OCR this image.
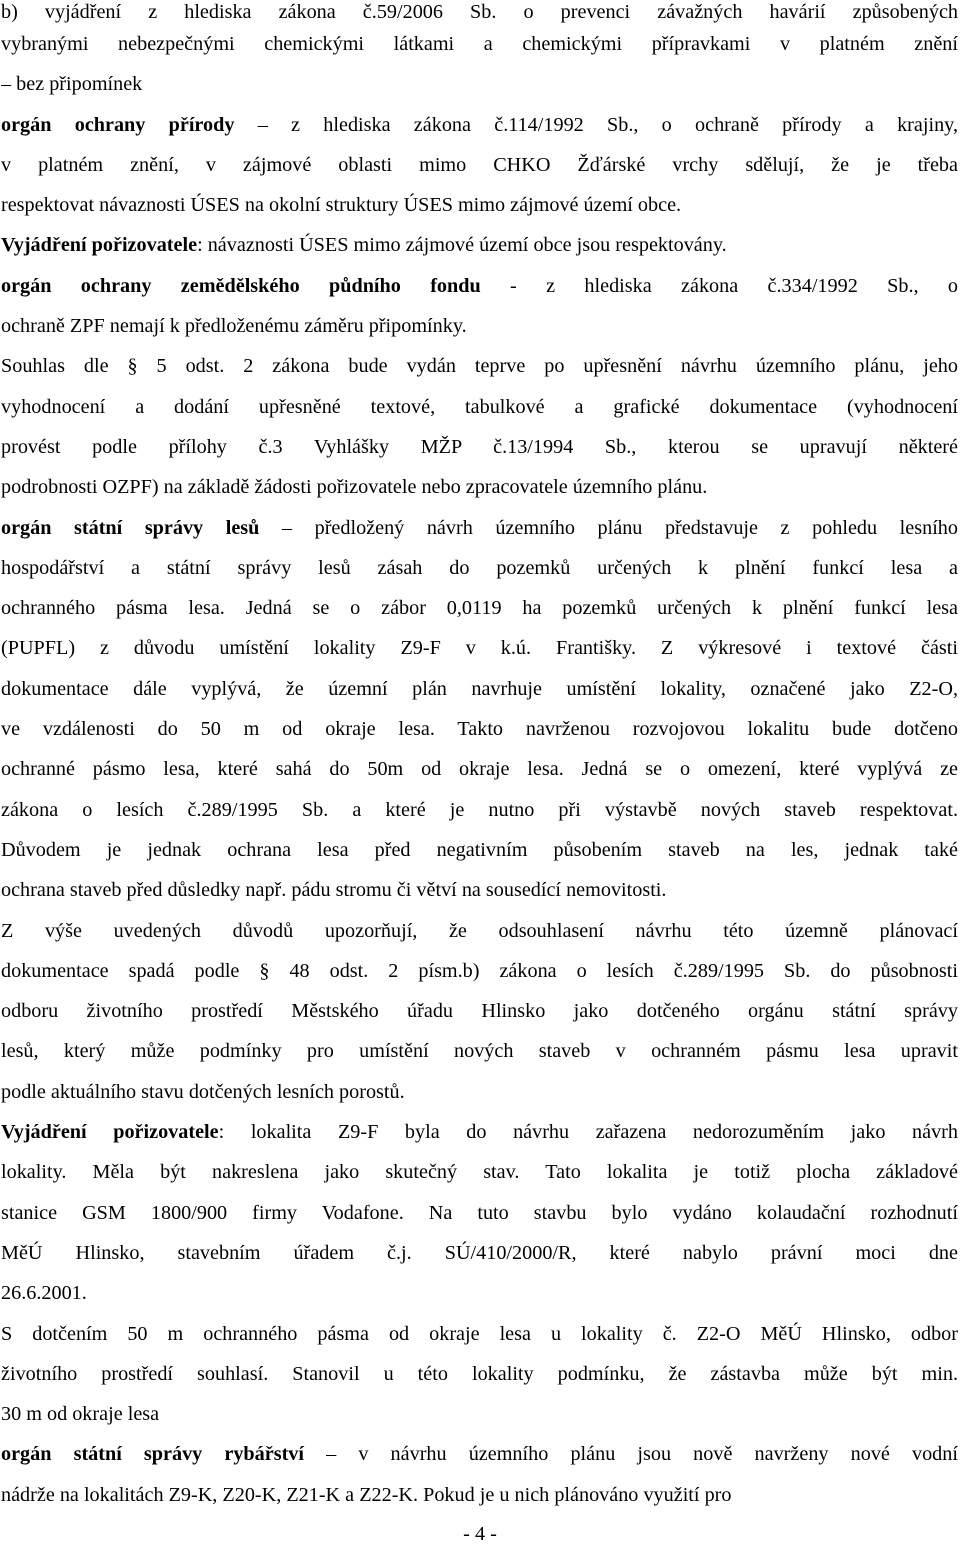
b) vyjádření z hlediska zákona č.59/2006 Sb. o prevenci závažných havárií způsobených
vybranými nebezpečnými chemickými látkami a chemickými přípravkami v platném znění
– bez připomínek
orgán ochrany přírody – z hlediska zákona č.114/1992 Sb., o ochraně přírody a krajiny,
v platném znění, v zájmové oblasti mimo CHKO Žďárské vrchy sdělují, že je třeba
respektovat návaznosti ÚSES na okolní struktury ÚSES mimo zájmové území obce.
Vyjádření pořizovatele: návaznosti ÚSES mimo zájmové území obce jsou respektovány.
orgán ochrany zemědělského půdního fondu - z hlediska zákona č.334/1992 Sb., o
ochraně ZPF nemají k předloženému záměru připomínky.
Souhlas dle § 5 odst. 2 zákona bude vydán teprve po upřesnění návrhu územního plánu, jeho
vyhodnocení a dodání upřesněné textové, tabulkové a grafické dokumentace (vyhodnocení
provést podle přílohy č.3 Vyhlášky MŽP č.13/1994 Sb., kterou se upravují některé
podrobnosti OZPF) na základě žádosti pořizovatele nebo zpracovatele územního plánu.
orgán státní správy lesů – předložený návrh územního plánu představuje z pohledu lesního
hospodářství a státní správy lesů zásah do pozemků určených k plnění funkcí lesa a
ochranného pásma lesa. Jedná se o zábor 0,0119 ha pozemků určených k plnění funkcí lesa
(PUPFL) z důvodu umístění lokality Z9-F v k.ú. Františky. Z výkresové i textové části
dokumentace dále vyplývá, že územní plán navrhuje umístění lokality, označené jako Z2-O,
ve vzdálenosti do 50 m od okraje lesa. Takto navrženou rozvojovou lokalitu bude dotčeno
ochranné pásmo lesa, které sahá do 50m od okraje lesa. Jedná se o omezení, které vyplývá ze
zákona o lesích č.289/1995 Sb. a které je nutno při výstavbě nových staveb respektovat.
Důvodem je jednak ochrana lesa před negativním působením staveb na les, jednak také
ochrana staveb před důsledky např. pádu stromu či větví na sousedící nemovitosti.
Z výše uvedených důvodů upozorňují, že odsouhlasení návrhu této územně plánovací
dokumentace spadá podle § 48 odst. 2 písm.b) zákona o lesích č.289/1995 Sb. do působnosti
odboru životního prostředí Městského úřadu Hlinsko jako dotčeného orgánu státní správy
lesů, který může podmínky pro umístění nových staveb v ochranném pásmu lesa upravit
podle aktuálního stavu dotčených lesních porostů.
Vyjádření pořizovatele: lokalita Z9-F byla do návrhu zařazena nedorozuměním jako návrh
lokality. Měla být nakreslena jako skutečný stav. Tato lokalita je totiž plocha základové
stanice GSM 1800/900 firmy Vodafone. Na tuto stavbu bylo vydáno kolaudační rozhodnutí
MěÚ Hlinsko, stavebním úřadem č.j. SÚ/410/2000/R, které nabylo právní moci dne
26.6.2001.
S dotčením 50 m ochranného pásma od okraje lesa u lokality č. Z2-O MěÚ Hlinsko, odbor
životního prostředí souhlasí. Stanovil u této lokality podmínku, že zástavba může být min.
30 m od okraje lesa
orgán státní správy rybářství – v návrhu územního plánu jsou nově navrženy nové vodní
nádrže na lokalitách Z9-K, Z20-K, Z21-K a Z22-K. Pokud je u nich plánováno využití pro
- 4 -
